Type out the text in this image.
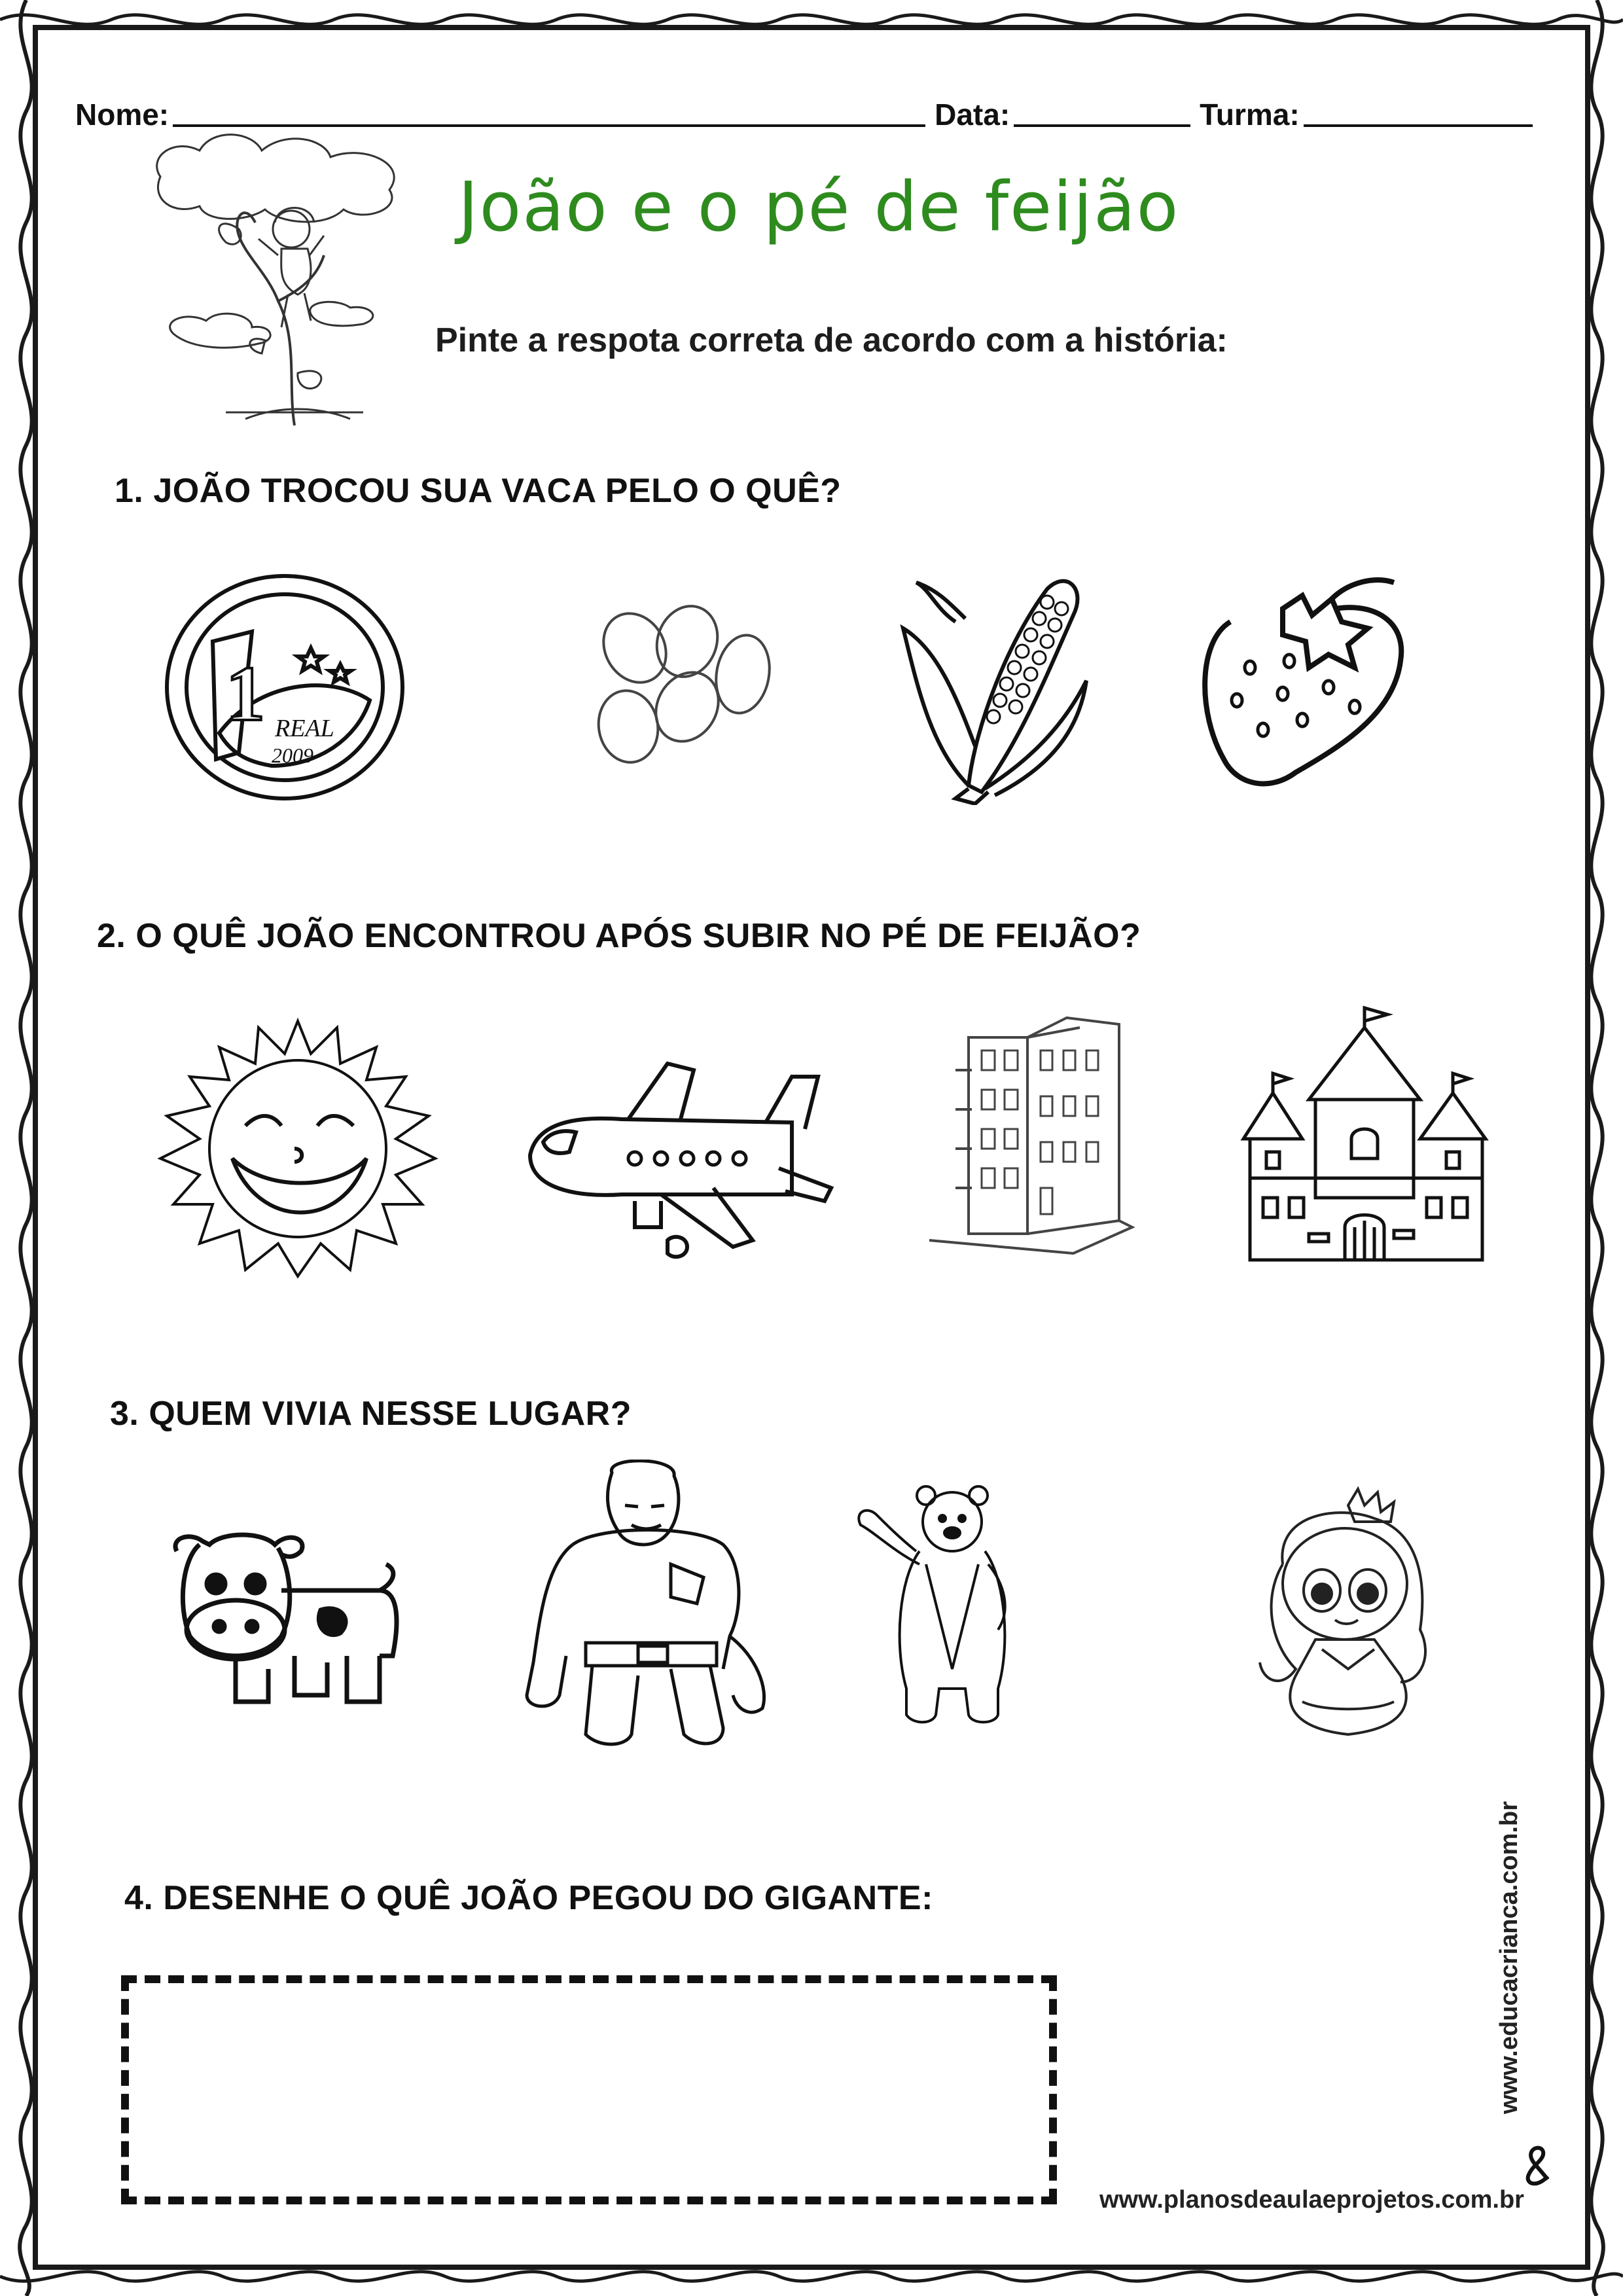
Nome:	Data:	Turma:
João e o pé de feijão
Pinte a respota correta de acordo com a história:
1. JOÃO TROCOU SUA VACA PELO O QUÊ?
REAL
2009
1
2. O QUÊ JOÃO ENCONTROU APÓS SUBIR NO PÉ DE FEIJÃO?
3. QUEM VIVIA NESSE LUGAR?
4. DESENHE O QUÊ JOÃO PEGOU DO GIGANTE:
www.planosdeaulaeprojetos.com.br
www.educacrianca.com.br
